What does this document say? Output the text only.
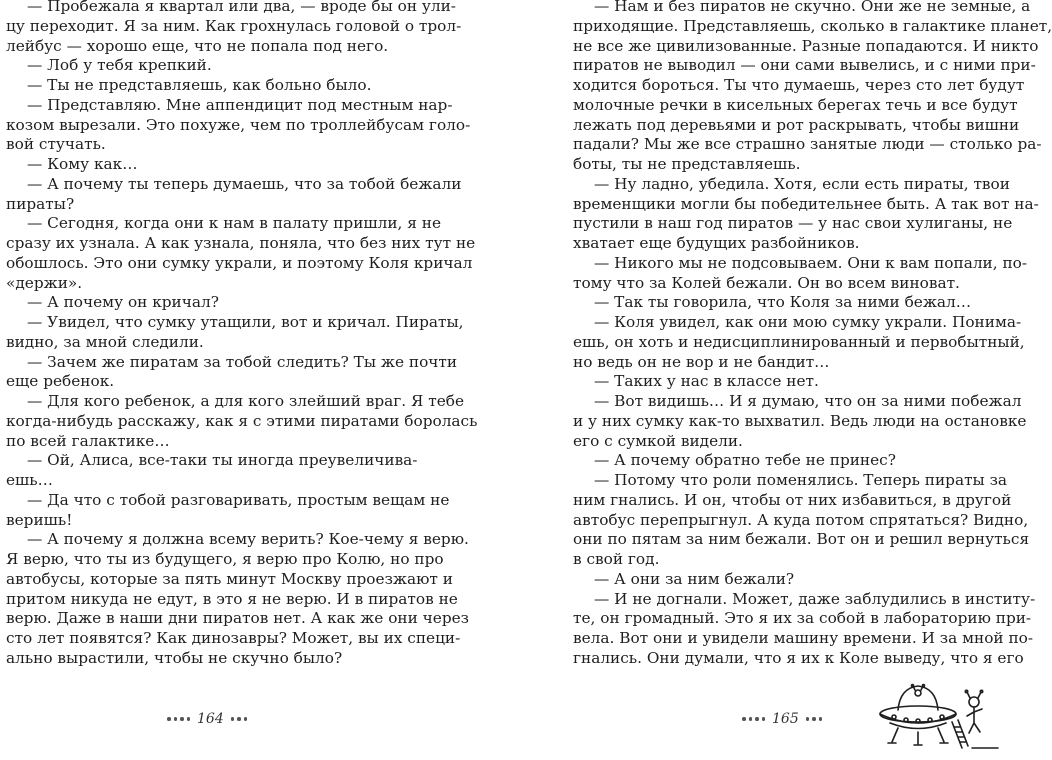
— Пробежала я квартал или два, — вроде бы он ули-
цу переходит. Я за ним. Как грохнулась головой о трол-
лейбус — хорошо еще, что не попала под него.
— Лоб у тебя крепкий.
— Ты не представляешь, как больно было.
— Представляю. Мне аппендицит под местным нар-
козом вырезали. Это похуже, чем по троллейбусам голо-
вой стучать.
— Кому как…
— А почему ты теперь думаешь, что за тобой бежали
пираты?
— Сегодня, когда они к нам в палату пришли, я не
сразу их узнала. А как узнала, поняла, что без них тут не
обошлось. Это они сумку украли, и поэтому Коля кричал
«держи».
— А почему он кричал?
— Увидел, что сумку утащили, вот и кричал. Пираты,
видно, за мной следили.
— Зачем же пиратам за тобой следить? Ты же почти
еще ребенок.
— Для кого ребенок, а для кого злейший враг. Я тебе
когда-нибудь расскажу, как я с этими пиратами боролась
по всей галактике…
— Ой, Алиса, все-таки ты иногда преувеличива-
ешь…
— Да что с тобой разговаривать, простым вещам не
веришь!
— А почему я должна всему верить? Кое-чему я верю.
Я верю, что ты из будущего, я верю про Колю, но про
автобусы, которые за пять минут Москву проезжают и
притом никуда не едут, в это я не верю. И в пиратов не
верю. Даже в наши дни пиратов нет. А как же они через
сто лет появятся? Как динозавры? Может, вы их специ-
ально вырастили, чтобы не скучно было?
— Нам и без пиратов не скучно. Они же не земные, а
приходящие. Представляешь, сколько в галактике планет,
не все же цивилизованные. Разные попадаются. И никто
пиратов не выводил — они сами вывелись, и с ними при-
ходится бороться. Ты что думаешь, через сто лет будут
молочные речки в кисельных берегах течь и все будут
лежать под деревьями и рот раскрывать, чтобы вишни
падали? Мы же все страшно занятые люди — столько ра-
боты, ты не представляешь.
— Ну ладно, убедила. Хотя, если есть пираты, твои
временщики могли бы победительнее быть. А так вот на-
пустили в наш год пиратов — у нас свои хулиганы, не
хватает еще будущих разбойников.
— Никого мы не подсовываем. Они к вам попали, по-
тому что за Колей бежали. Он во всем виноват.
— Так ты говорила, что Коля за ними бежал…
— Коля увидел, как они мою сумку украли. Понима-
ешь, он хоть и недисциплинированный и первобытный,
но ведь он не вор и не бандит…
— Таких у нас в классе нет.
— Вот видишь… И я думаю, что он за ними побежал
и у них сумку как-то выхватил. Ведь люди на остановке
его с сумкой видели.
— А почему обратно тебе не принес?
— Потому что роли поменялись. Теперь пираты за
ним гнались. И он, чтобы от них избавиться, в другой
автобус перепрыгнул. А куда потом спрятаться? Видно,
они по пятам за ним бежали. Вот он и решил вернуться
в свой год.
— А они за ним бежали?
— И не догнали. Может, даже заблудились в институ-
те, он громадный. Это я их за собой в лабораторию при-
вела. Вот они и увидели машину времени. И за мной по-
гнались. Они думали, что я их к Коле выведу, что я его
164	165
